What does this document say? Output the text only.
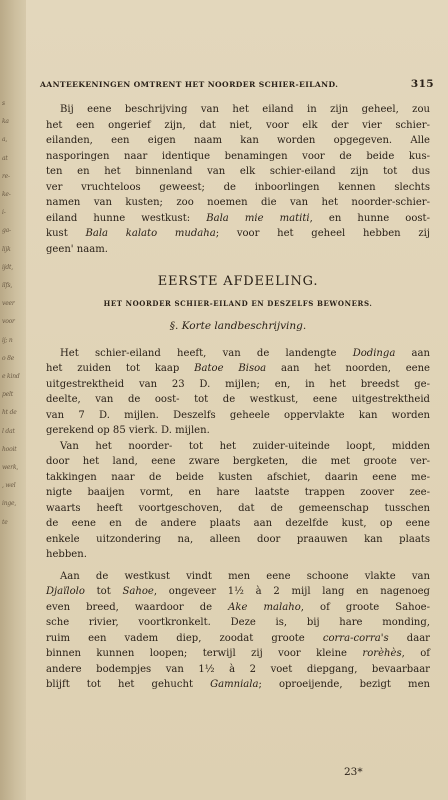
s
ka
a,
at
re-
ke-
i-
ga-
lijk
ijdt,
ilfs,
veer
voor
ij; n
o 8e
e kind
pelt
ht de
l dat
hooit
werk,
, wel
inge,
te
AANTEEKENINGEN OMTRENT HET NOORDER SCHIER-EILAND.	315

Bij eene beschrijving van het eiland in zijn geheel, zou

het een ongerief zijn, dat niet, voor elk der vier schier-

eilanden, een eigen naam kan worden opgegeven. Alle

nasporingen naar identique benamingen voor de beide kus-

ten en het binnenland van elk schier-eiland zijn tot dus

ver vruchteloos geweest; de inboorlingen kennen slechts

namen van kusten; zoo noemen die van het noorder-schier-

eiland hunne westkust: Bala mie matiti, en hunne oost-

kust Bala kalato mudaha; voor het geheel hebben zij

geen' naam.

EERSTE AFDEELING.

HET NOORDER SCHIER-EILAND EN DESZELFS BEWONERS.

§. Korte landbeschrijving.

Het schier-eiland heeft, van de landengte Dodinga aan

het zuiden tot kaap Batoe Bisoa aan het noorden, eene

uitgestrektheid van 23 D. mijlen; en, in het breedst ge-

deelte, van de oost- tot de westkust, eene uitgestrektheid

van 7 D. mijlen. Deszelfs geheele oppervlakte kan worden

gerekend op 85 vierk. D. mijlen.

Van het noorder- tot het zuider-uiteinde loopt, midden

door het land, eene zware bergketen, die met groote ver-

takkingen naar de beide kusten afschiet, daarin eene me-

nigte baaijen vormt, en hare laatste trappen zoover zee-

waarts heeft voortgeschoven, dat de gemeenschap tusschen

de eene en de andere plaats aan dezelfde kust, op eene

enkele uitzondering na, alleen door praauwen kan plaats

hebben.

Aan de westkust vindt men eene schoone vlakte van

Djaïlolo tot Sahoe, ongeveer 1½ à 2 mijl lang en nagenoeg

even breed, waardoor de Ake malaho, of groote Sahoe-

sche rivier, voortkronkelt. Deze is, bij hare monding,

ruim een vadem diep, zoodat groote corra-corra's daar

binnen kunnen loopen; terwijl zij voor kleine rorèhès, of

andere bodempjes van 1½ à 2 voet diepgang, bevaarbaar

blijft tot het gehucht Gamniala; oproeijende, bezigt men

23*
